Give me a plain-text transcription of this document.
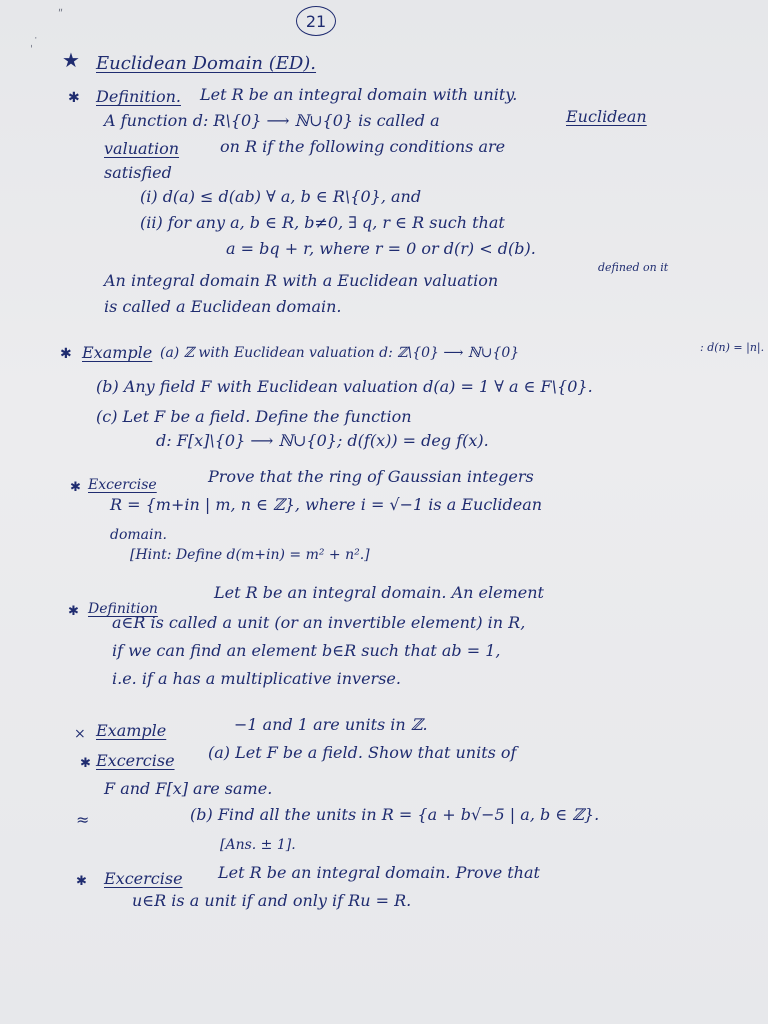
21
ʺ
ˌ˙
★ Euclidean Domain (ED).
✱ Definition. Let R be an integral domain with unity.
A function d: R\{0} ⟶ ℕ∪{0} is called a	Euclidean
valuation	on R if the following conditions are
satisfied
(i) d(a) ≤ d(ab) ∀ a, b ∈ R\{0}, and
(ii) for any a, b ∈ R, b≠0, ∃ q, r ∈ R such that
a = bq + r, where r = 0 or d(r) < d(b).
An integral domain R with a Euclidean valuation
defined on it
is called a Euclidean domain.
✱ Example (a) ℤ with Euclidean valuation d: ℤ\{0} ⟶ ℕ∪{0}	: d(n) = |n|.
(b) Any field F with Euclidean valuation d(a) = 1 ∀ a ∈ F\{0}.
(c) Let F be a field. Define the function
d: F[x]\{0} ⟶ ℕ∪{0}; d(f(x)) = deg f(x).
✱ Excercise	Prove that the ring of Gaussian integers
R = {m+in | m, n ∈ ℤ}, where i = √−1 is a Euclidean
domain.
[Hint: Define d(m+in) = m² + n².]
✱ Definition
Let R be an integral domain. An element
a∈R is called a unit (or an invertible element) in R,
if we can find an element b∈R such that ab = 1,
i.e. if a has a multiplicative inverse.
× Example	−1 and 1 are units in ℤ.
✱ Excercise (a) Let F be a field. Show that units of
F and F[x] are same.
≈	(b) Find all the units in R = {a + b√−5 | a, b ∈ ℤ}.
[Ans. ± 1].
✱ Excercise Let R be an integral domain. Prove that
u∈R is a unit if and only if Ru = R.
